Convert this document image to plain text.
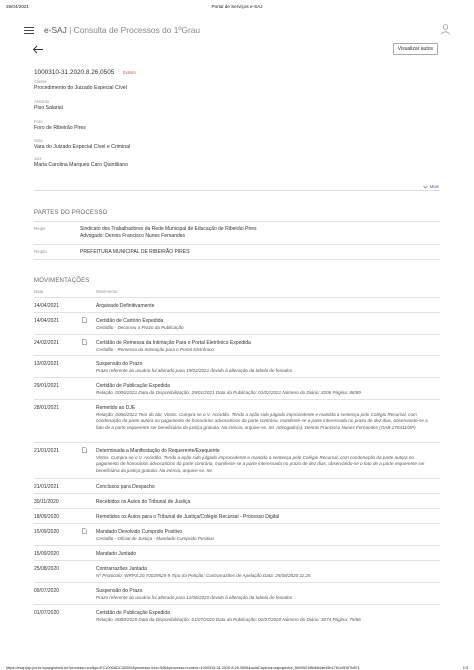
28/04/2021	Portal de Serviços e-SAJ
e-SAJ | Consulta de Processos do 1ºGrau
Visualizar autos
1000310-31.2020.8.26.0505 Extinto
Classe
Procedimento do Juizado Especial Cível
Assunto
Piso Salarial
Foro
Foro de Ribeirão Pires
Vara
Vara do Juizado Especial Cível e Criminal
Juiz
Maria Carolina Marques Caro Quintiliano
Mais
PARTES DO PROCESSO
Reqte	Sindicato dos Trabalhadores da Rede Municipal de Educação de Ribeirão Pires
Advogado: Dennis Francisco Nunes Fernandes
Reqdo	PREFEITURA MUNICIPAL DE RIBEIRÃO PIRES
MOVIMENTAÇÕES
Data	Movimento
14/04/2021	Arquivado Definitivamente
14/04/2021	Certidão de Cartório Expedida
Certidão - Decorreu o Prazo da Publicação
24/02/2021	Certidão de Remessa da Intimação Para o Portal Eletrônico Expedida
Certidão - Remessa da Intimação para o Portal Eletrônico
13/02/2021	Suspensão do Prazo
Prazo referente ao usuário foi alterado para 19/02/2021 devido à alteração da tabela de feriados
29/01/2021	Certidão de Publicação Expedida
Relação :0006/2021 Data da Disponibilização: 29/01/2021 Data da Publicação: 01/02/2021 Número do Diário: 3206 Página: 86/89
28/01/2021	Remetido ao DJE
Relação: 0006/2021 Teor do ato: Vistos. Cumpra-se o V. Acórdão. Tendo a ação sido julgado improcedente e mantida a sentença pelo Colégio Recursal, com condenação da parte autora no pagamento de honorários advocatícios da parte contrária, manifeste-se a parte interessada no prazo de dez dias, observando-se a fato de a parte requerente ser beneficiária da justiça gratuita. Na inércia, arquive-se. Int. Advogado(s): Dennis Francisco Nunes Fernandes (OAB 276411/SP)
21/01/2021	Determinada a Manifestação do Requerente/Exequente
Vistos. Cumpra-se o V. Acórdão. Tendo a ação sido julgado improcedente e mantida a sentença pelo Colégio Recursal, com condenação da parte autora no pagamento de honorários advocatícios da parte contrária, manifeste-se a parte interessada no prazo de dez dias, observando-se o fato de a parte requerente ser beneficiária da justiça gratuita. Na inércia, arquive-se. Int.
21/01/2021	Conclusos para Despacho
30/11/2020	Recebidos os Autos do Tribunal de Justiça
18/09/2020	Remetidos os Autos para o Tribunal de Justiça/Colégio Recursal - Processo Digital
15/09/2020	Mandado Devolvido Cumprido Positivo
Certidão - Oficial de Justiça - Mandado Cumprido Positivo
15/09/2020	Mandado Juntado
25/08/2020	Contrarrazões Juntada
Nº Protocolo: WRPS.20.70029525-9 Tipo da Petição: Contrarrazões de Apelação Data: 25/08/2020 11:25
09/07/2020	Suspensão do Prazo
Prazo referente ao usuário foi alterado para 12/08/2020 devido à alteração da tabela de feriados
01/07/2020	Certidão de Publicação Expedida
Relação :0089/2020 Data da Disponibilização: 01/07/2020 Data da Publicação: 02/07/2020 Número do Diário: 3074 Página: 75/86
https://esaj.tjsp.jus.br/cpopg/show.do?processo.codigo=EC1000ADC30000&processo.foro=506&processo.numero=1000310-31.2020.8.26.0506&uuidCaptcha=sajcaptcha_5b00521f8b664ae49b1761c0f167b871	1/3
